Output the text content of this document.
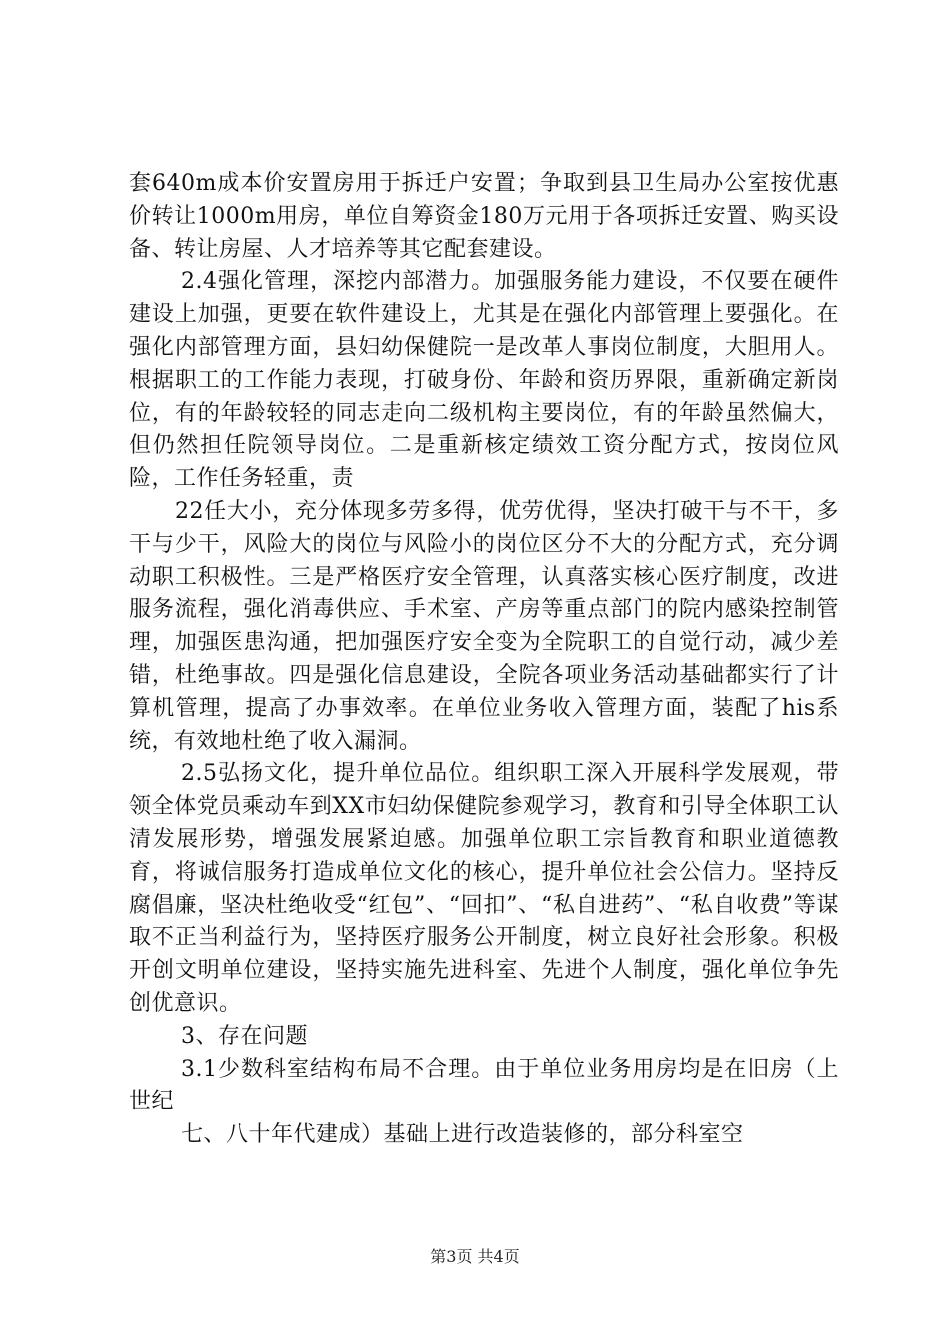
套640m成本价安置房用于拆迁户安置；争取到县卫生局办公室按优惠价转让1000m用房，单位自筹资金180万元用于各项拆迁安置、购买设备、转让房屋、人才培养等其它配套建设。

2.4强化管理，深挖内部潜力。加强服务能力建设，不仅要在硬件建设上加强，更要在软件建设上，尤其是在强化内部管理上要强化。在强化内部管理方面，县妇幼保健院一是改革人事岗位制度，大胆用人。根据职工的工作能力表现，打破身份、年龄和资历界限，重新确定新岗位，有的年龄较轻的同志走向二级机构主要岗位，有的年龄虽然偏大，但仍然担任院领导岗位。二是重新核定绩效工资分配方式，按岗位风险，工作任务轻重，责

22任大小，充分体现多劳多得，优劳优得，坚决打破干与不干，多干与少干，风险大的岗位与风险小的岗位区分不大的分配方式，充分调动职工积极性。三是严格医疗安全管理，认真落实核心医疗制度，改进服务流程，强化消毒供应、手术室、产房等重点部门的院内感染控制管理，加强医患沟通，把加强医疗安全变为全院职工的自觉行动，减少差错，杜绝事故。四是强化信息建设，全院各项业务活动基础都实行了计算机管理，提高了办事效率。在单位业务收入管理方面，装配了his系统，有效地杜绝了收入漏洞。

2.5弘扬文化，提升单位品位。组织职工深入开展科学发展观，带领全体党员乘动车到XX市妇幼保健院参观学习，教育和引导全体职工认清发展形势，增强发展紧迫感。加强单位职工宗旨教育和职业道德教育，将诚信服务打造成单位文化的核心，提升单位社会公信力。坚持反腐倡廉，坚决杜绝收受“红包”、“回扣”、“私自进药”、“私自收费”等谋取不正当利益行为，坚持医疗服务公开制度，树立良好社会形象。积极开创文明单位建设，坚持实施先进科室、先进个人制度，强化单位争先创优意识。

3、存在问题

3.1少数科室结构布局不合理。由于单位业务用房均是在旧房（上世纪

七、八十年代建成）基础上进行改造装修的，部分科室空

第3页 共4页
